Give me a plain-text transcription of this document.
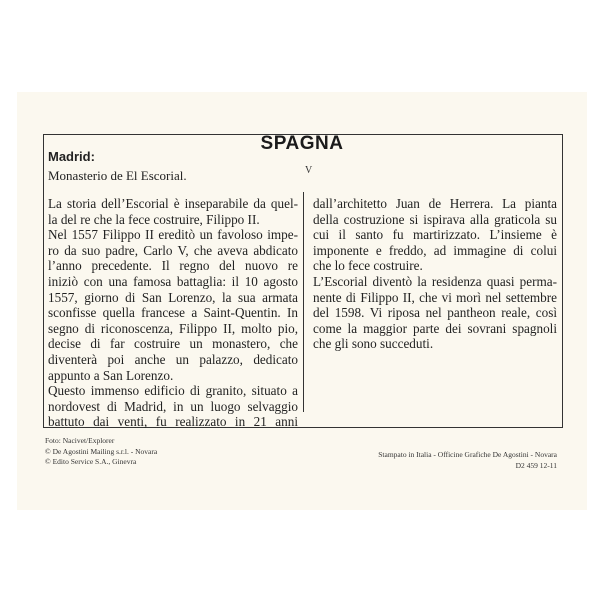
SPAGNA
V
Madrid:
Monasterio de El Escorial.
La storia dell’Escorial è inseparabile da quel-
la del re che la fece costruire, Filippo II.
Nel 1557 Filippo II ereditò un favoloso impe-
ro da suo padre, Carlo V, che aveva abdicato
l’anno precedente. Il regno del nuovo re
iniziò con una famosa battaglia: il 10 agosto
1557, giorno di San Lorenzo, la sua armata
sconfisse quella francese a Saint-Quentin. In
segno di riconoscenza, Filippo II, molto pio,
decise di far costruire un monastero, che
diventerà poi anche un palazzo, dedicato
appunto a San Lorenzo.
Questo immenso edificio di granito, situato a
nordovest di Madrid, in un luogo selvaggio
battuto dai venti, fu realizzato in 21 anni
dall’architetto Juan de Herrera. La pianta
della costruzione si ispirava alla graticola su
cui il santo fu martirizzato. L’insieme è
imponente e freddo, ad immagine di colui
che lo fece costruire.
L’Escorial diventò la residenza quasi perma-
nente di Filippo II, che vi morì nel settembre
del 1598. Vi riposa nel pantheon reale, così
come la maggior parte dei sovrani spagnoli
che gli sono succeduti.
Foto: Nacivet/Explorer
© De Agostini Mailing s.r.l. - Novara
© Edito Service S.A., Ginevra
Stampato in Italia - Officine Grafiche De Agostini - Novara
D2 459 12-11
